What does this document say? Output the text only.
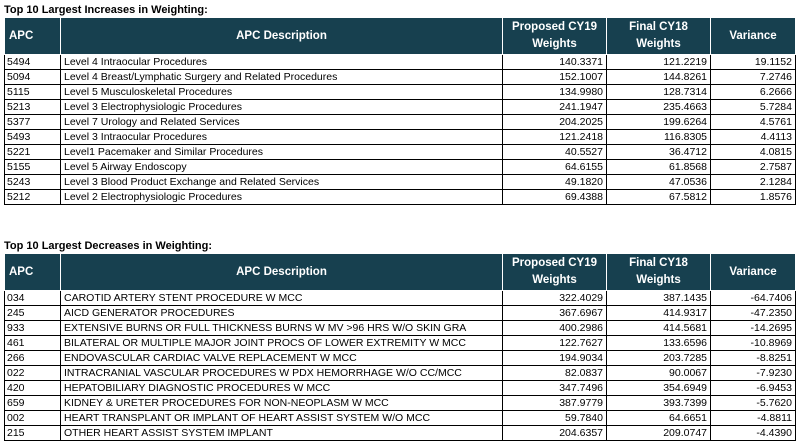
Top 10 Largest Increases in Weighting:
APC	APC Description	Proposed CY19 Weights	Final CY18 Weights	Variance
5494	Level 4 Intraocular Procedures	140.3371	121.2219	19.1152
5094	Level 4 Breast/Lymphatic Surgery and Related Procedures	152.1007	144.8261	7.2746
5115	Level 5 Musculoskeletal Procedures	134.9980	128.7314	6.2666
5213	Level 3 Electrophysiologic Procedures	241.1947	235.4663	5.7284
5377	Level 7 Urology and Related Services	204.2025	199.6264	4.5761
5493	Level 3 Intraocular Procedures	121.2418	116.8305	4.4113
5221	Level1 Pacemaker and Similar Procedures	40.5527	36.4712	4.0815
5155	Level 5 Airway Endoscopy	64.6155	61.8568	2.7587
5243	Level 3 Blood Product Exchange and Related Services	49.1820	47.0536	2.1284
5212	Level 2 Electrophysiologic Procedures	69.4388	67.5812	1.8576
Top 10 Largest Decreases in Weighting:
APC	APC Description	Proposed CY19 Weights	Final CY18 Weights	Variance
034	CAROTID ARTERY STENT PROCEDURE W MCC	322.4029	387.1435	-64.7406
245	AICD GENERATOR PROCEDURES	367.6967	414.9317	-47.2350
933	EXTENSIVE BURNS OR FULL THICKNESS BURNS W MV >96 HRS W/O SKIN GRA	400.2986	414.5681	-14.2695
461	BILATERAL OR MULTIPLE MAJOR JOINT PROCS OF LOWER EXTREMITY W MCC	122.7627	133.6596	-10.8969
266	ENDOVASCULAR CARDIAC VALVE REPLACEMENT W MCC	194.9034	203.7285	-8.8251
022	INTRACRANIAL VASCULAR PROCEDURES W PDX HEMORRHAGE W/O CC/MCC	82.0837	90.0067	-7.9230
420	HEPATOBILIARY DIAGNOSTIC PROCEDURES W MCC	347.7496	354.6949	-6.9453
659	KIDNEY & URETER PROCEDURES FOR NON-NEOPLASM W MCC	387.9779	393.7399	-5.7620
002	HEART TRANSPLANT OR IMPLANT OF HEART ASSIST SYSTEM W/O MCC	59.7840	64.6651	-4.8811
215	OTHER HEART ASSIST SYSTEM IMPLANT	204.6357	209.0747	-4.4390
